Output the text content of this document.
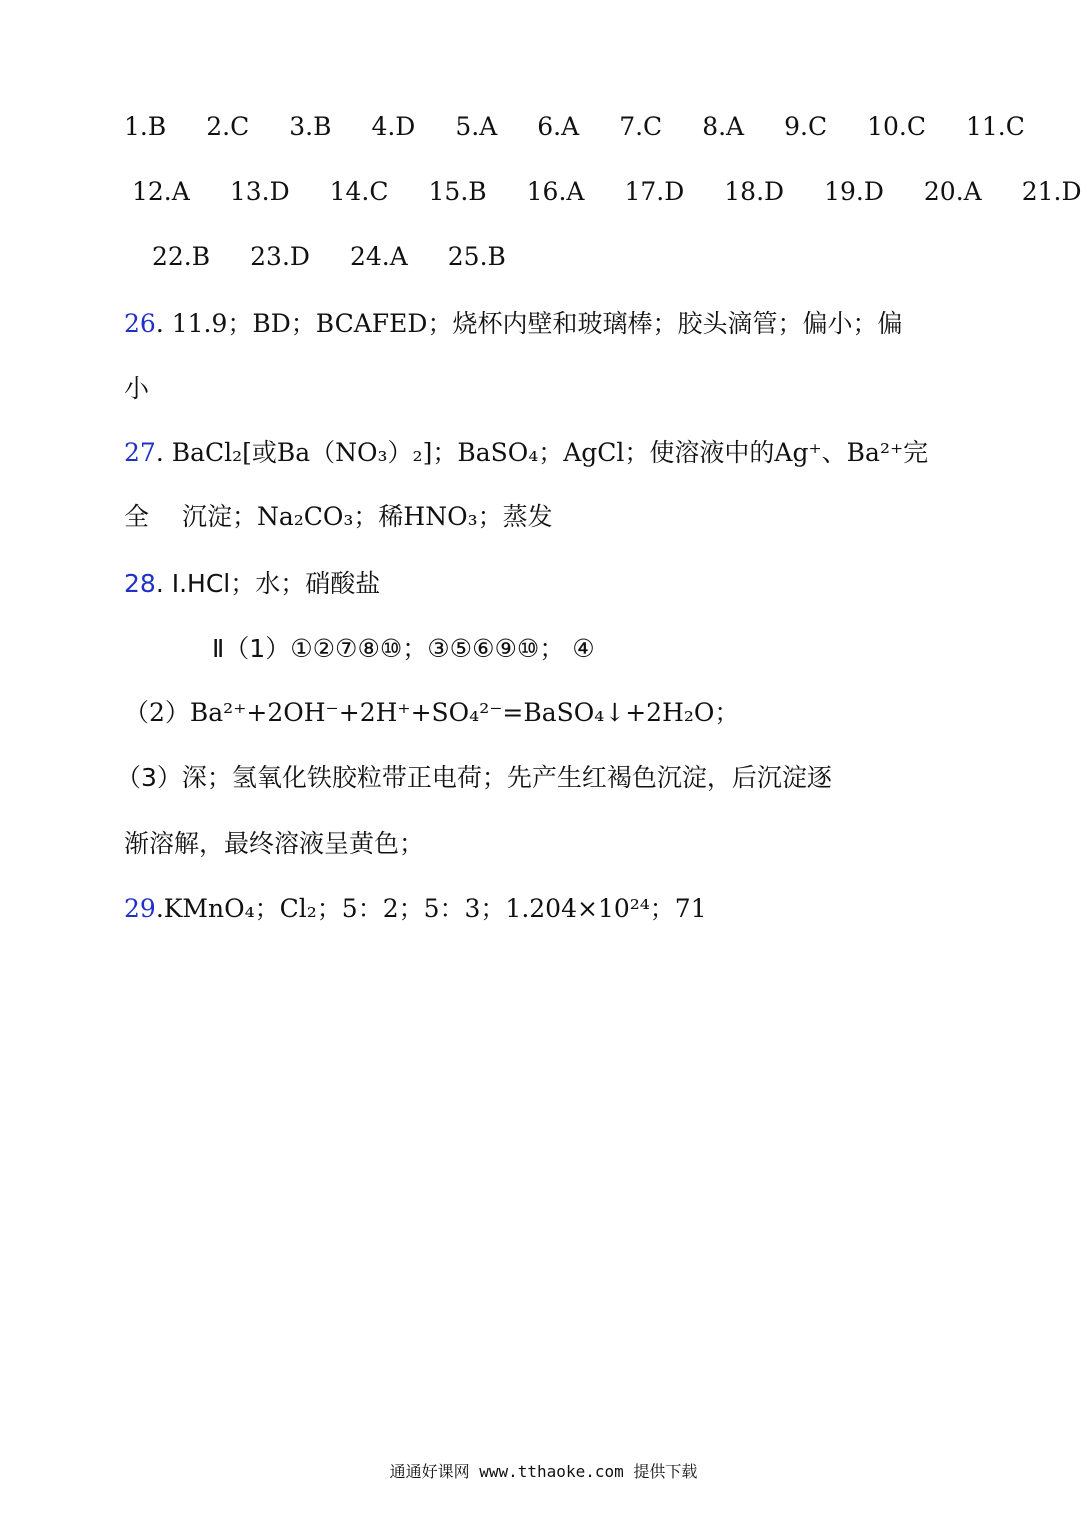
1.B 2.C 3.B 4.D 5.A 6.A 7.C 8.A 9.C 10.C 11.C
12.A 13.D 14.C 15.B 16.A 17.D 18.D 19.D 20.A 21.D
22.B 23.D 24.A 25.B
26. 11.9；BD；BCAFED；烧杯内壁和玻璃棒；胶头滴管；偏小；偏
小
27. BaCl₂[或Ba（NO₃）₂]；BaSO₄；AgCl；使溶液中的Ag⁺、Ba²⁺完
全　 沉淀；Na₂CO₃；稀HNO₃；蒸发
28. Ⅰ.HCl；水；硝酸盐
Ⅱ（1）①②⑦⑧⑩；③⑤⑥⑨⑩； ④
（2）Ba²⁺+2OH⁻+2H⁺+SO₄²⁻=BaSO₄↓+2H₂O；
（3）深；氢氧化铁胶粒带正电荷；先产生红褐色沉淀，后沉淀逐
渐溶解，最终溶液呈黄色；
29.KMnO₄；Cl₂；5：2；5：3；1.204×10²⁴；71
通通好课网 www.tthaoke.com 提供下载
